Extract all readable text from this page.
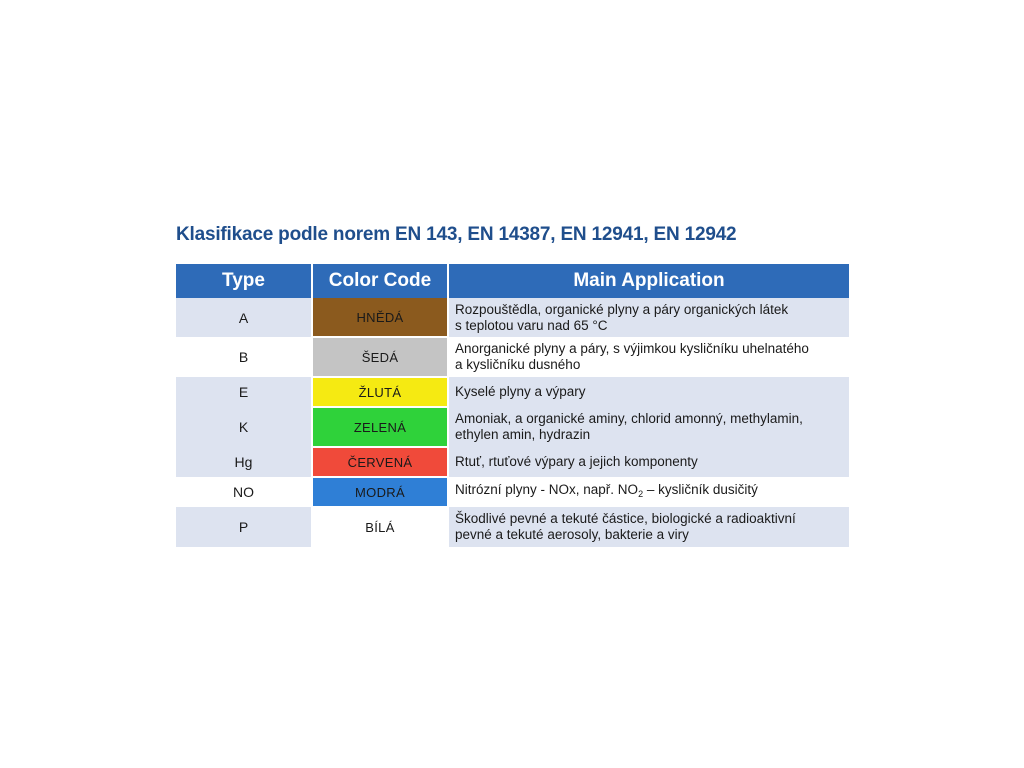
Klasifikace podle norem EN 143, EN 14387, EN 12941, EN 12942
Type	Color Code	Main Application
A	HNĚDÁ	Rozpouštědla, organické plyny a páry organických látek
s teplotou varu nad 65 °C

B	ŠEDÁ	Anorganické plyny a páry, s výjimkou kysličníku uhelnatého
a kysličníku dusného

E	ŽLUTÁ	Kyselé plyny a výpary

K	ZELENÁ	Amoniak, a organické aminy, chlorid amonný, methylamin,
ethylen amin, hydrazin

Hg	ČERVENÁ	Rtuť, rtuťové výpary a jejich komponenty

NO	MODRÁ	Nitrózní plyny - NOx, např. $NO_2$ – kysličník dusičitý

P	BÍLÁ	Škodlivé pevné a tekuté částice, biologické a radioaktivní
pevné a tekuté aerosoly, bakterie a viry
